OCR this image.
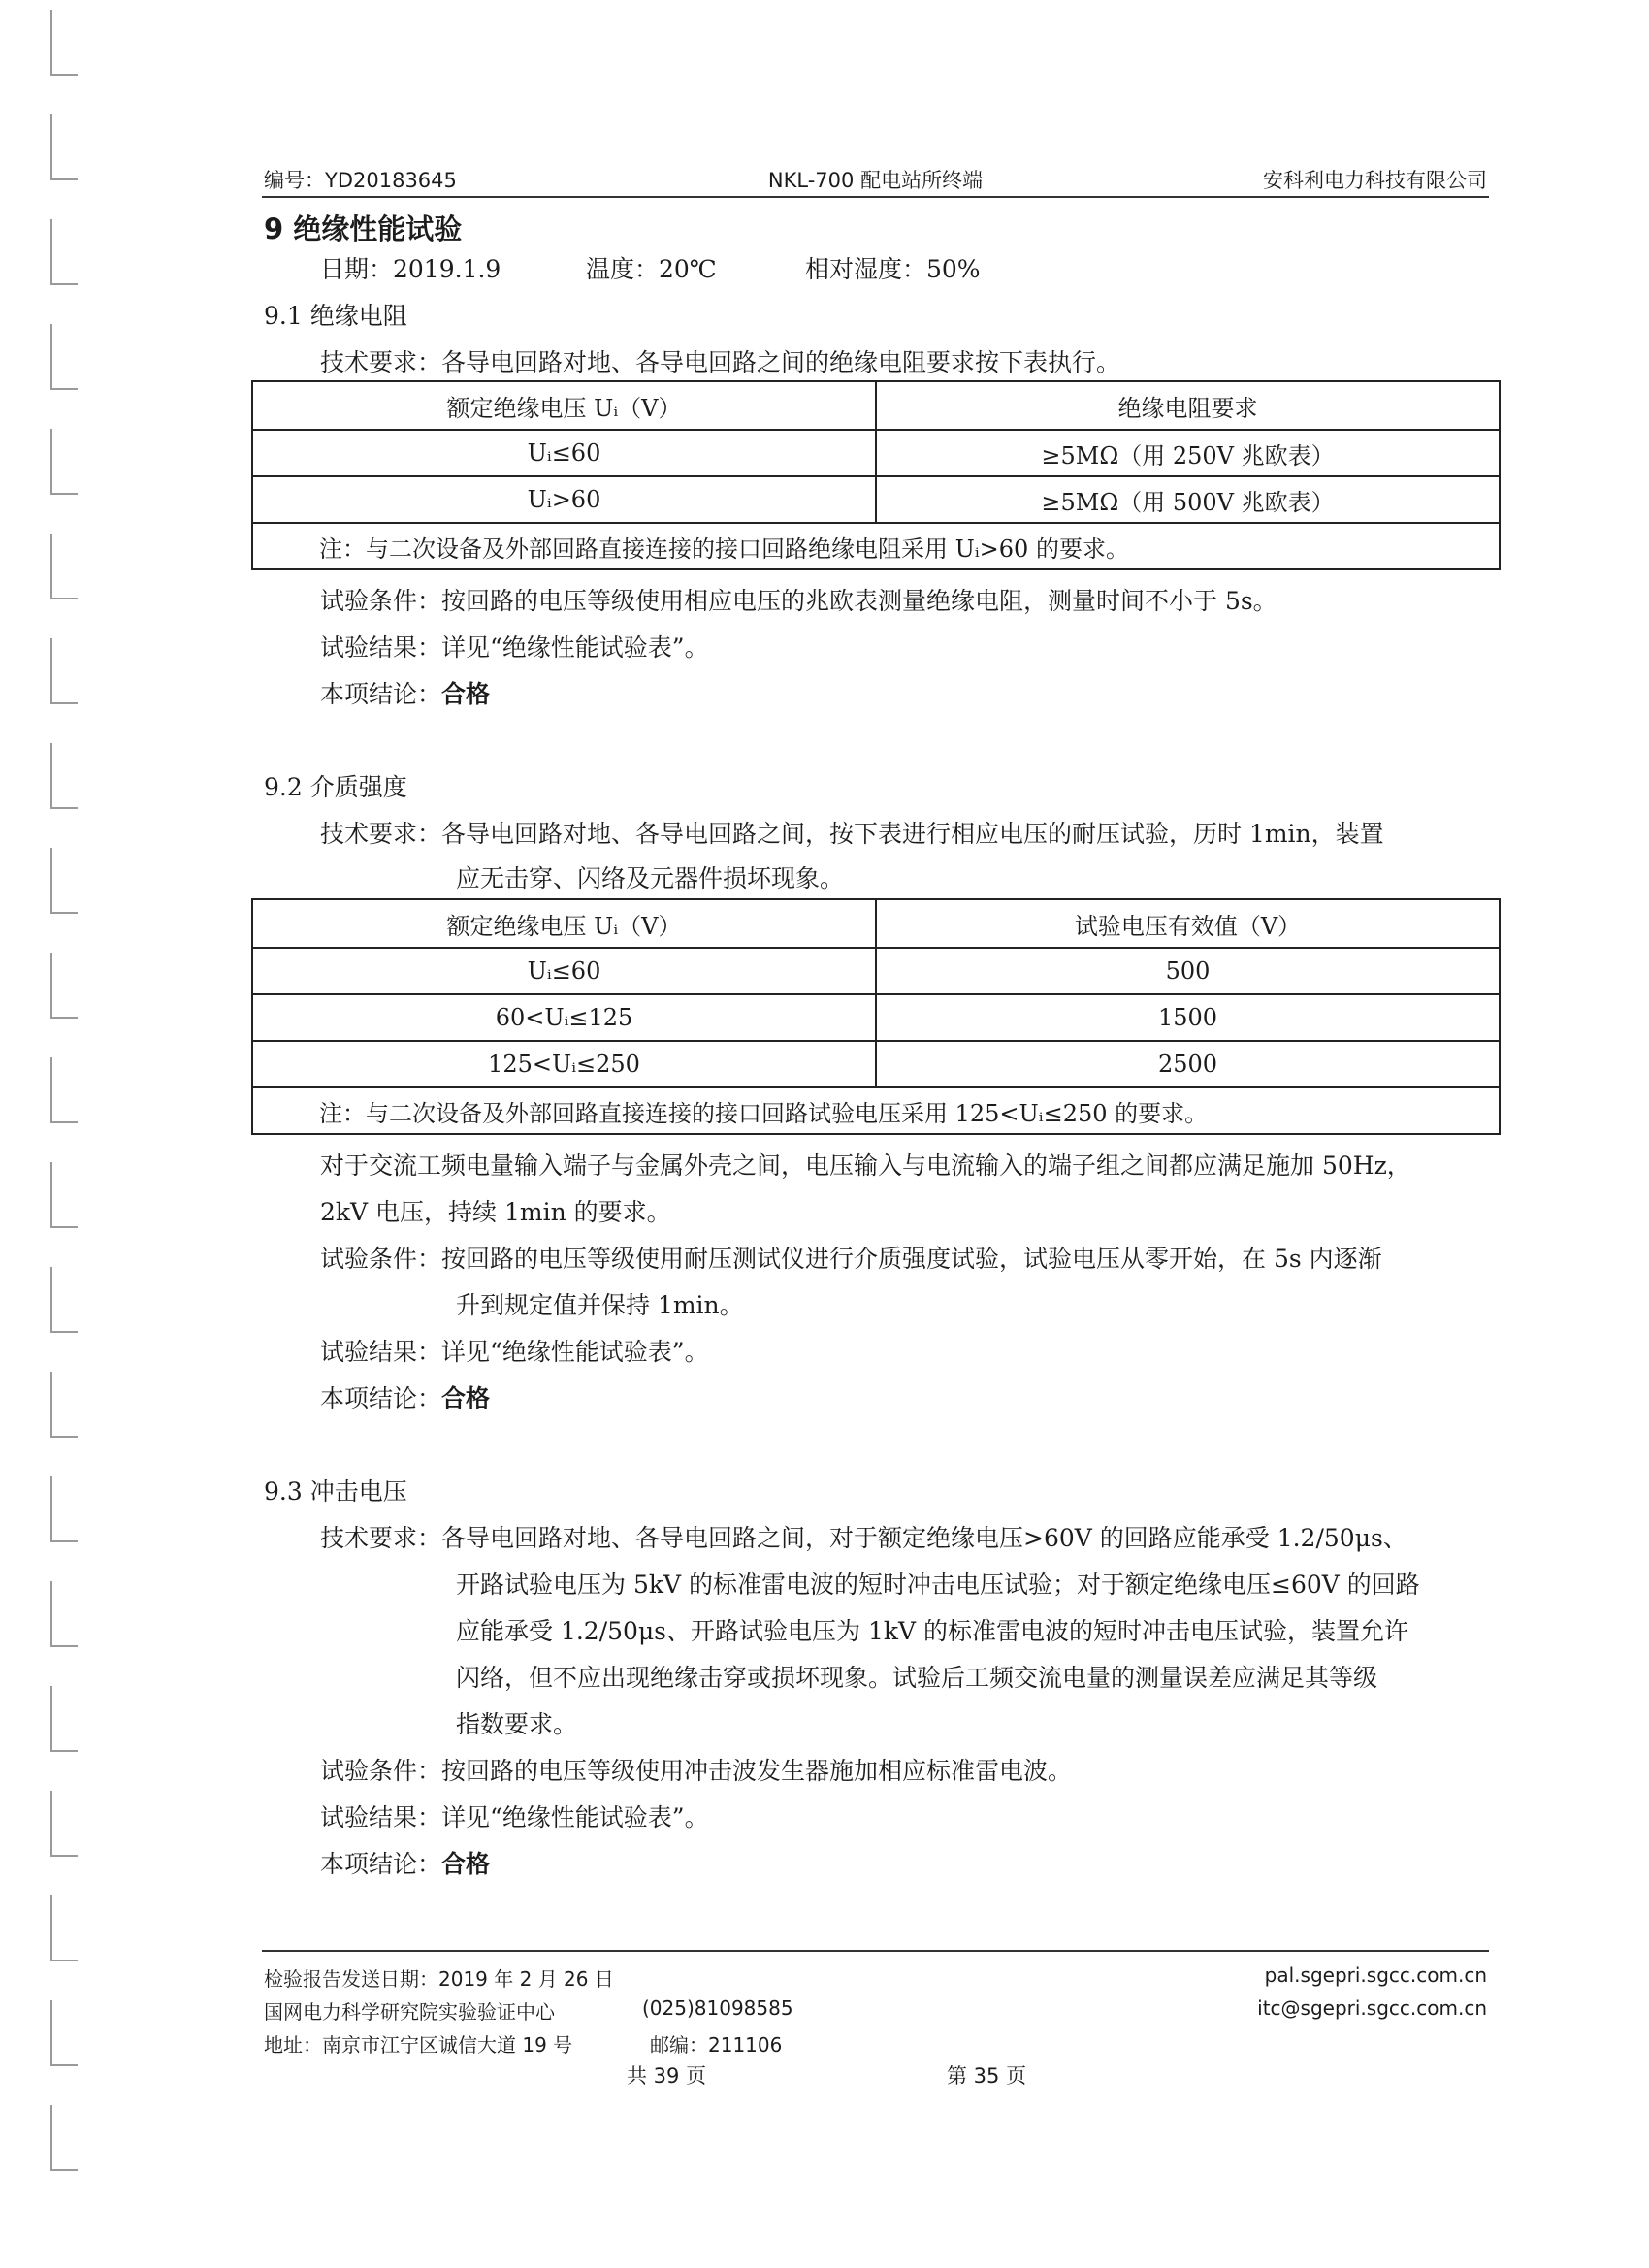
编号：YD20183645	NKL-700 配电站所终端	安科利电力科技有限公司
9 绝缘性能试验
日期：2019.1.9	温度：20℃	相对湿度：50%
9.1 绝缘电阻
技术要求：各导电回路对地、各导电回路之间的绝缘电阻要求按下表执行。
额定绝缘电压 Uᵢ（V）	绝缘电阻要求
Uᵢ≤60	≥5MΩ（用 250V 兆欧表）
Uᵢ>60	≥5MΩ（用 500V 兆欧表）
注：与二次设备及外部回路直接连接的接口回路绝缘电阻采用 Uᵢ>60 的要求。	
试验条件：按回路的电压等级使用相应电压的兆欧表测量绝缘电阻，测量时间不小于 5s。
试验结果：详见“绝缘性能试验表”。
本项结论：合格
9.2 介质强度
技术要求：各导电回路对地、各导电回路之间，按下表进行相应电压的耐压试验，历时 1min，装置
应无击穿、闪络及元器件损坏现象。
额定绝缘电压 Uᵢ（V）	试验电压有效值（V）
Uᵢ≤60	500
60<Uᵢ≤125	1500
125<Uᵢ≤250	2500
注：与二次设备及外部回路直接连接的接口回路试验电压采用 125<Uᵢ≤250 的要求。	
对于交流工频电量输入端子与金属外壳之间，电压输入与电流输入的端子组之间都应满足施加 50Hz，
2kV 电压，持续 1min 的要求。
试验条件：按回路的电压等级使用耐压测试仪进行介质强度试验，试验电压从零开始，在 5s 内逐渐
升到规定值并保持 1min。
试验结果：详见“绝缘性能试验表”。
本项结论：合格
9.3 冲击电压
技术要求：各导电回路对地、各导电回路之间，对于额定绝缘电压>60V 的回路应能承受 1.2/50μs、
开路试验电压为 5kV 的标准雷电波的短时冲击电压试验；对于额定绝缘电压≤60V 的回路
应能承受 1.2/50μs、开路试验电压为 1kV 的标准雷电波的短时冲击电压试验，装置允许
闪络，但不应出现绝缘击穿或损坏现象。试验后工频交流电量的测量误差应满足其等级
指数要求。
试验条件：按回路的电压等级使用冲击波发生器施加相应标准雷电波。
试验结果：详见“绝缘性能试验表”。
本项结论：合格
检验报告发送日期：2019 年 2 月 26 日
国网电力科学研究院实验验证中心	(025)81098585
地址：南京市江宁区诚信大道 19 号	邮编：211106
pal.sgepri.sgcc.com.cn
itc@sgepri.sgcc.com.cn
共 39 页	第 35 页
